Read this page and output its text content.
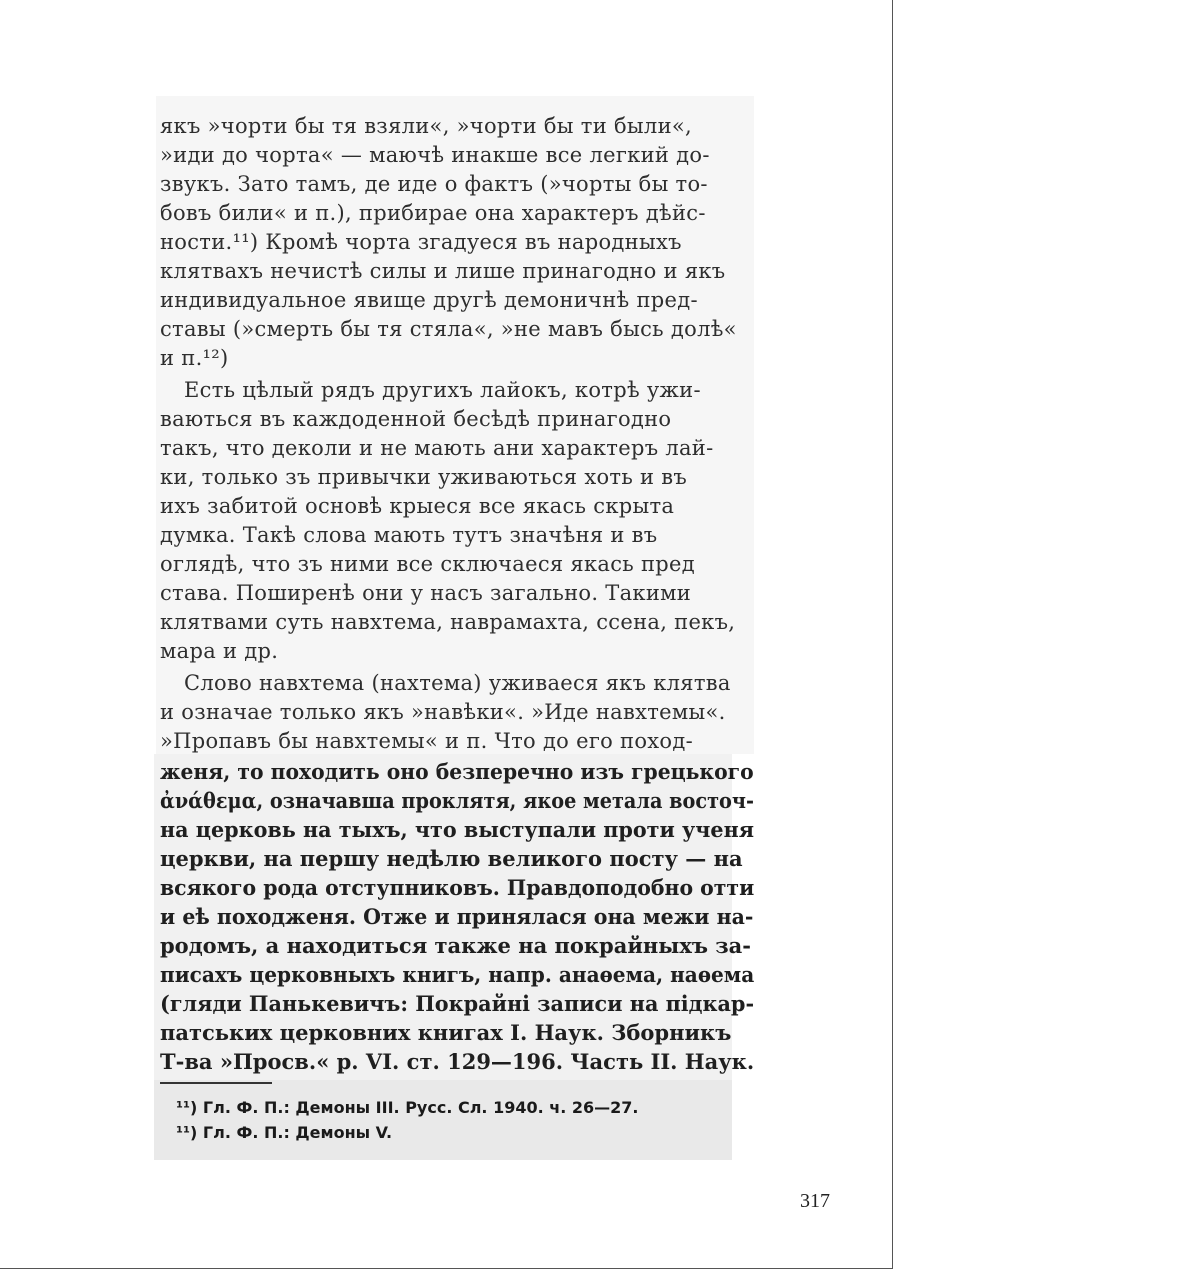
якъ »чорти бы тя взяли«, »чорти бы ти были«,
»иди до чорта« — маючѣ инакше все легкий до-
звукъ. Зато тамъ, де иде о фактъ (»чорты бы то-
бовъ били« и п.), прибирае она характеръ дѣйс-
ности.¹¹) Кромѣ чорта згадуеся въ народныхъ
клятвахъ нечистѣ силы и лише принагодно и якъ
индивидуальное явище другѣ демоничнѣ пред-
ставы (»смерть бы тя стяла«, »не мавъ бысь долѣ«
и п.¹²)
Есть цѣлый рядъ другихъ лайокъ, котрѣ ужи-
ваються въ каждоденной бесѣдѣ принагодно
такъ, что деколи и не мають ани характеръ лай-
ки, только зъ привычки уживаються хоть и въ
ихъ забитой основѣ крыеся все якась скрыта
думка. Такѣ слова мають тутъ значѣня и въ
оглядѣ, что зъ ними все сключаеся якась пред
става. Поширенѣ они у насъ загально. Такими
клятвами суть навхтема, наврамахта, ссена, пекъ,
мара и др.
Слово навхтема (нахтема) уживаеся якъ клятва
и означае только якъ »навѣки«. »Иде навхтемы«.
»Пропавъ бы навхтемы« и п. Что до его поход-
женя, то походить оно безперечно изъ грецького
ἀνάθεμα, означавша проклятя, якое метала восточ-
на церковь на тыхъ, что выступали проти ученя
церкви, на першу недѣлю великого посту — на
всякого рода отступниковъ. Правдоподобно отти
и еѣ походженя. Отже и принялася она межи на-
родомъ, а находиться также на покрайныхъ за-
писахъ церковныхъ книгъ, напр. анаѳема, наѳема
(гляди Панькевичъ: Покрайні записи на підкар-
патських церковних книгах I. Наук. Зборникъ
Т-ва »Просв.« р. VI. ст. 129—196. Часть II. Наук.
¹¹) Гл. Ф. П.: Демоны III. Русс. Сл. 1940. ч. 26—27.
¹¹) Гл. Ф. П.: Демоны V.
317
